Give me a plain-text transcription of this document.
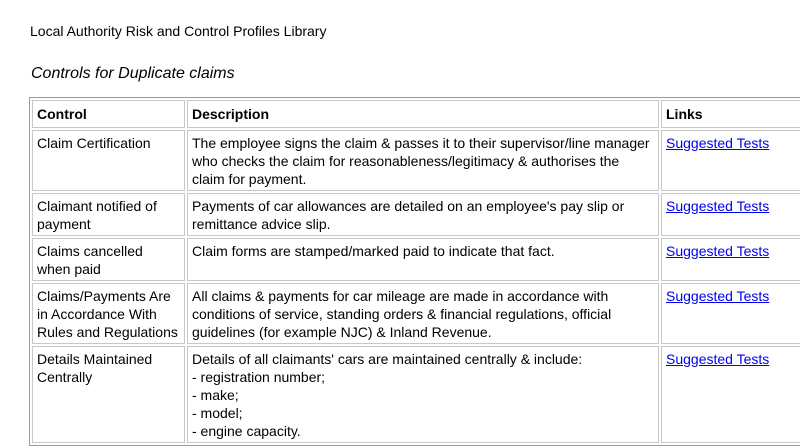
Local Authority Risk and Control Profiles Library
Controls for Duplicate claims
Control	Description	Links
Claim Certification	The employee signs the claim & passes it to their supervisor/line manager who checks the claim for reasonableness/legitimacy & authorises the claim for payment.	Suggested Tests
Claimant notified of payment	Payments of car allowances are detailed on an employee's pay slip or remittance advice slip.	Suggested Tests
Claims cancelled when paid	Claim forms are stamped/marked paid to indicate that fact.	Suggested Tests
Claims/Payments Are in Accordance With Rules and Regulations	All claims & payments for car mileage are made in accordance with conditions of service, standing orders & financial regulations, official guidelines (for example NJC) & Inland Revenue.	Suggested Tests
Details Maintained Centrally	Details of all claimants' cars are maintained centrally & include:
- registration number;
- make;
- model;
- engine capacity.	Suggested Tests
